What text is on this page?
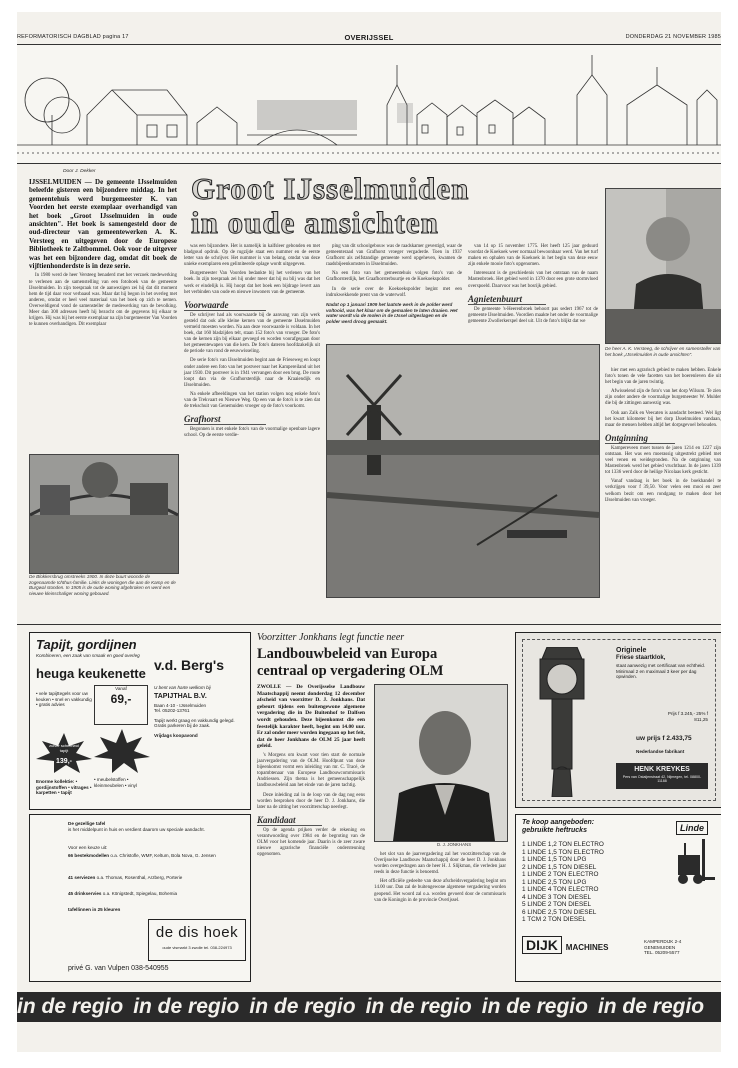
REFORMATORISCH DAGBLAD pagina 17	OVERIJSSEL	DONDERDAG 21 NOVEMBER 1985
Door J. Dekker	Groot IJsselmuiden
in oude ansichten

IJSSELMUIDEN — De gemeente IJsselmuiden beleefde gisteren een bijzondere middag. In het gemeentehuis werd burgemeester K. van Voorden het eerste exemplaar overhandigd van het boek „Groot IJsselmuiden in oude ansichten". Het boek is samengesteld door de oud-directeur van gemeentewerken A. K. Versteeg en uitgegeven door de Europese Bibliotheek te Zaltbommel. Ook voor de uitgever was het een bijzondere dag, omdat dit boek de vijftienhonderdste is in deze serie.

In 1980 werd de heer Versteeg benaderd met het verzoek medewerking te verlenen aan de samenstelling van een fotoboek van de gemeente IJsselmuiden. In zijn toespraak tot de aanwezigen zei hij dat dit moment hem de tijd daar voor verbaasd was. Maar dat hij begon in het overleg met anderen, omdat er heel veel materiaal van het boek op zich te nemen. Overweldigend vond de samensteller de medewerking van de bevolking. Meer dan 300 adressen heeft hij bezocht om de gegevens bij elkaar te krijgen. Hij was bij het eerste exemplaar na zijn burgemeester Van Voorden te kunnen overhandigen. Dit exemplaar

De Blokkersbrug omstreeks 1900. In deze buurt woonde de zogenaamde Ichthus-familie. Links de woningen die aan de Kamp en de Burgwal stonden. In 1905 is de oude woning afgebroken en werd een nieuwe kleinschaliger woning gebouwd.

was een bijzondere. Het is namelijk in kalfsleer gebonden en met bladgoud opdruk. Op de rugzijde staat een nummer en de eerste letter van de schrijver. Het nummer is van belang, omdat van deze unieke exemplaren een gelimiteerde oplage wordt uitgegeven.

Burgemeester Van Voorden bedankte bij het verlenen van het boek. In zijn toespraak zei hij onder meer dat hij nu blij was dat het werk er eindelijk is. Hij hoopt dat het boek een bijdrage levert aan het verbinden van oude en nieuwe inwoners van de gemeente.

Voorwaarde

De schrijver had als voorwaarde bij de aanvang van zijn werk gesteld dat ook alle kleine kernen van de gemeente IJsselmuiden vermeld moesten worden. Na aan deze voorwaarde is voldaan. In het boek, dat 160 bladzijden telt, staan 152 foto's van vroeger. De foto's van de kernen zijn bij elkaar gevoegd en worden voorafgegaan door het gemeentewapen van die kern. De foto's dateren hoofdzakelijk uit de periode van rond de eeuwwisseling.

De serie foto's van IJsselmuiden begint aan de Frieseweg en loopt onder andere een foto van het postveer naar het Kampereiland uit het jaar 1930. Dit postveer is in 1941 vervangen door een brug. De route loopt dan via de Grafhorsterdijk naar de Kraaiendijk en IJsselmuiden.

Na enkele afbeeldingen van het station volgen nog enkele foto's van de Trekvaart en Nieuwe Weg. Op een van de foto's is te zien dat de trekschuit van Genemuiden vroeger op de foto's voorkomt.

Grafhorst

Begonnen is met enkele foto's van de voormalige openbare lagere school. Op de eerste verdie-

ping van dit schoolgebouw was de raadskamer gevestigd, waar de gemeenteraad van Grafhorst vroeger vergaderde. Toen in 1937 Grafhorst als zelfstandige gemeente werd opgeheven, kwamen de raadsbijeenkomsten in IJsselmuiden.

Na een foto van het gemeentehuis volgen foto's van de Grafhorsterdijk, het Graafhorsterbuurtje en de Koekoekspolder.

In de serie over de Koekoekspolder begint met een indrukwekkende prent van de waterwolf.

Nadat op 1 januari 1909 het laatste werk in de polder werd voltooid, was het klaar om de gemaalen te laten draaien. Het water wordt via de molen in de IJssel uitgeslagen en de polder werd droog gemaakt.

van 14 op 15 november 1775. Het heeft 125 jaar geduurd voordat de Koekoek weer normaal bewoonbaar werd. Van het turf maken en ophalen van de Koekoek in het begin van deze eeuw zijn enkele mooie foto's opgenomen.

Interessant is de geschiedenis van het ontstaan van de naam Mastenbroek. Het gebied werd in 1370 door een grote stormvloed overspoeld. Daarvoor was het bosrijk gebied.

Agnietenbuurt

De gemeente 's-Heerenbroek behoort pas sedert 1967 tot de gemeente IJsselmuiden. Voordien maakte het onder de voormalige gemeente Zwollerkerspel deel uit. Uit de foto's blijkt dat we

De heer A. K. Versteeg, de schrijver en samensteller van het boek „IJsselmuiden in oude ansichten".

hier met een agrarisch gebied te maken hebben. Enkele foto's tonen de vele facetten van het boerenleven die uit het begin van de jaren twintig.

Afwisselend zijn de foto's van het dorp Wilsum. Te zien zijn onder andere de voormalige burgemeester W. Mulder die bij de zittingen aanwezig was.

Ook aan Zalk en Veecaten is aandacht besteed. Wel ligt het kwart kilometer bij het dorp IJsselmuiden vandaan, maar de mensen hebben altijd het dorpsgevoel behouden.

Ontginning

Kampereveen moet tussen de jaren 1214 en 1227 zijn ontstaan. Het was een moerassig uitgestrekt gebied met veel venen en weidegronden. Na de ontginning van Mastenbroek werd het gebied vruchtbaar. In de jaren 1339 tot 1336 werd door de heilige Nicolaas kerk gesticht.

Vanaf vandaag is het boek in de boekhandel te verkrijgen voor f 39,50. Voor velen een mooi en zeer welkom bezit om een rondgang te maken door het IJsselmuiden van vroeger.

Tapijt, gordijnen
Kombineren, een zaak van smaak en goed overleg
heuga keukenette
• vele tapijttegels voor uw keuken • snel en vakkundig • gratis advies
Vanaf
69,-
zuiver scheerwol tapijt
139,-
• meubelstoffen • kleinmeubelen • vinyl
Enorme kollektie: • gordijnstoffen • vitrages • karpetten • tapijt
v.d. Berg's
U bent van harte welkom bij
TAPIJTHAL B.V.
Baan 4-10 - IJsselmuiden
Tel. 05202-13761
Tapijt werkt graag en vakkundig gelegd. Gratis parkeren bij de zaak.
Vrijdags koopavond
De gezellige tafel
is het middelpunt in huis en verdient daarom uw speciale aandacht.
Voor een keuze uit:
66 bestekmodellen o.a. Christofle, WMF, Keltum, Bola Nova, G. Jensen
41 serviezen o.a. Thomas, Rosenthal, Arzberg, Porterie
45 drinkservies o.a. Königstedt, Spiegelau, Bohemia
tafellinnen in 25 kleuren
de dis hoek
oude vismarkt 3 zwolle tel. 038-224973
privé G. van Vulpen 038-540955
Voorzitter Jonkhans legt functie neer
Landbouwbeleid van Europa
centraal op vergadering OLM

ZWOLLE — De Overijsselse Landbouw Maatschappij neemt donderdag 12 december afscheid van voorzitter D. J. Jonkhans. Dat gebeurt tijdens een buitengewone algemene vergadering die in De Buitenhof te Dalfsen wordt gehouden. Deze bijeenkomst die een feestelijk karakter heeft, begint om 14.00 uur. Er zal onder meer worden ingegaan op het feit, dat de heer Jonkhans de OLM 25 jaar heeft geleid.

's Morgens om kwart voor tien start de normale jaarvergadering van de OLM. Hoofdpunt van deze bijeenkomst vormt een inleiding van mr. C. Tracé, de topambtenaar van Europese Landbouwcommissaris Andriessen. Zijn thema is het gemeenschappelijk landbouwbeleid aan het einde van de jaren tachtig.

Deze inleiding zal in de loop van de dag nog eens worden besproken door de heer D. J. Jonkhans, die later na de zitting het voorzitterschap neerlegt.

Kandidaat

Op de agenda prijken verder de rekening en verantwoording over 1984 en de begroting van de OLM voor het komende jaar. Daarin is de zeer zware nieuwe agrarische financiële ondersteuning opgenomen.

D. J. JONKHANS

het slot van de jaarvergadering zal het voorzitterschap van de Overijsselse Landbouw Maatschappij door de heer D. J. Jonkhans worden overgedragen aan de heer H. J. Slijkman, die verleden jaar reeds in deze functie is benoemd.

Het officiële gedeelte van deze afscheidsvergadering begint om 14.00 uur. Dan zal de buitengewone algemene vergadering worden geopend. Het woord zal o.a. worden gevoerd door de commissaris van de Koningin in de provincie Overijssel.

Originele
Friese staartklok,
staat aanwezig met certificaat van echtheid. Minimaal 2 en maximaal 3 keer per dag opwinden.
Prijs f 3.245,- 25% f 811,25
uw prijs f 2.433,75
Nederlandse fabrikant
HENK KREYKES
Pers van Ostaijenstraat 42, Nijmegen, tel. 08800-11188
Te koop aangeboden:
gebruikte heftrucks
1 LINDE 1,2 TON ELECTRO
1 LINDE 1,5 TON ELECTRO
1 LINDE 1,5 TON LPG
2 LINDE 1,5 TON DIESEL
1 LINDE 2 TON ELECTRO
1 LINDE 2,5 TON LPG
1 LINDE 4 TON ELECTRO
4 LINDE 3 TON DIESEL
5 LINDE 2 TON DIESEL
6 LINDE 2,5 TON DIESEL
1 TCM 2 TON DIESEL
Linde
DIJK MACHINES
KAMPERDIJK 2-4
GENEMUIDEN
TEL. 05209-5577
in de regio in de regio in de regio in de regio in de regio in de regio
